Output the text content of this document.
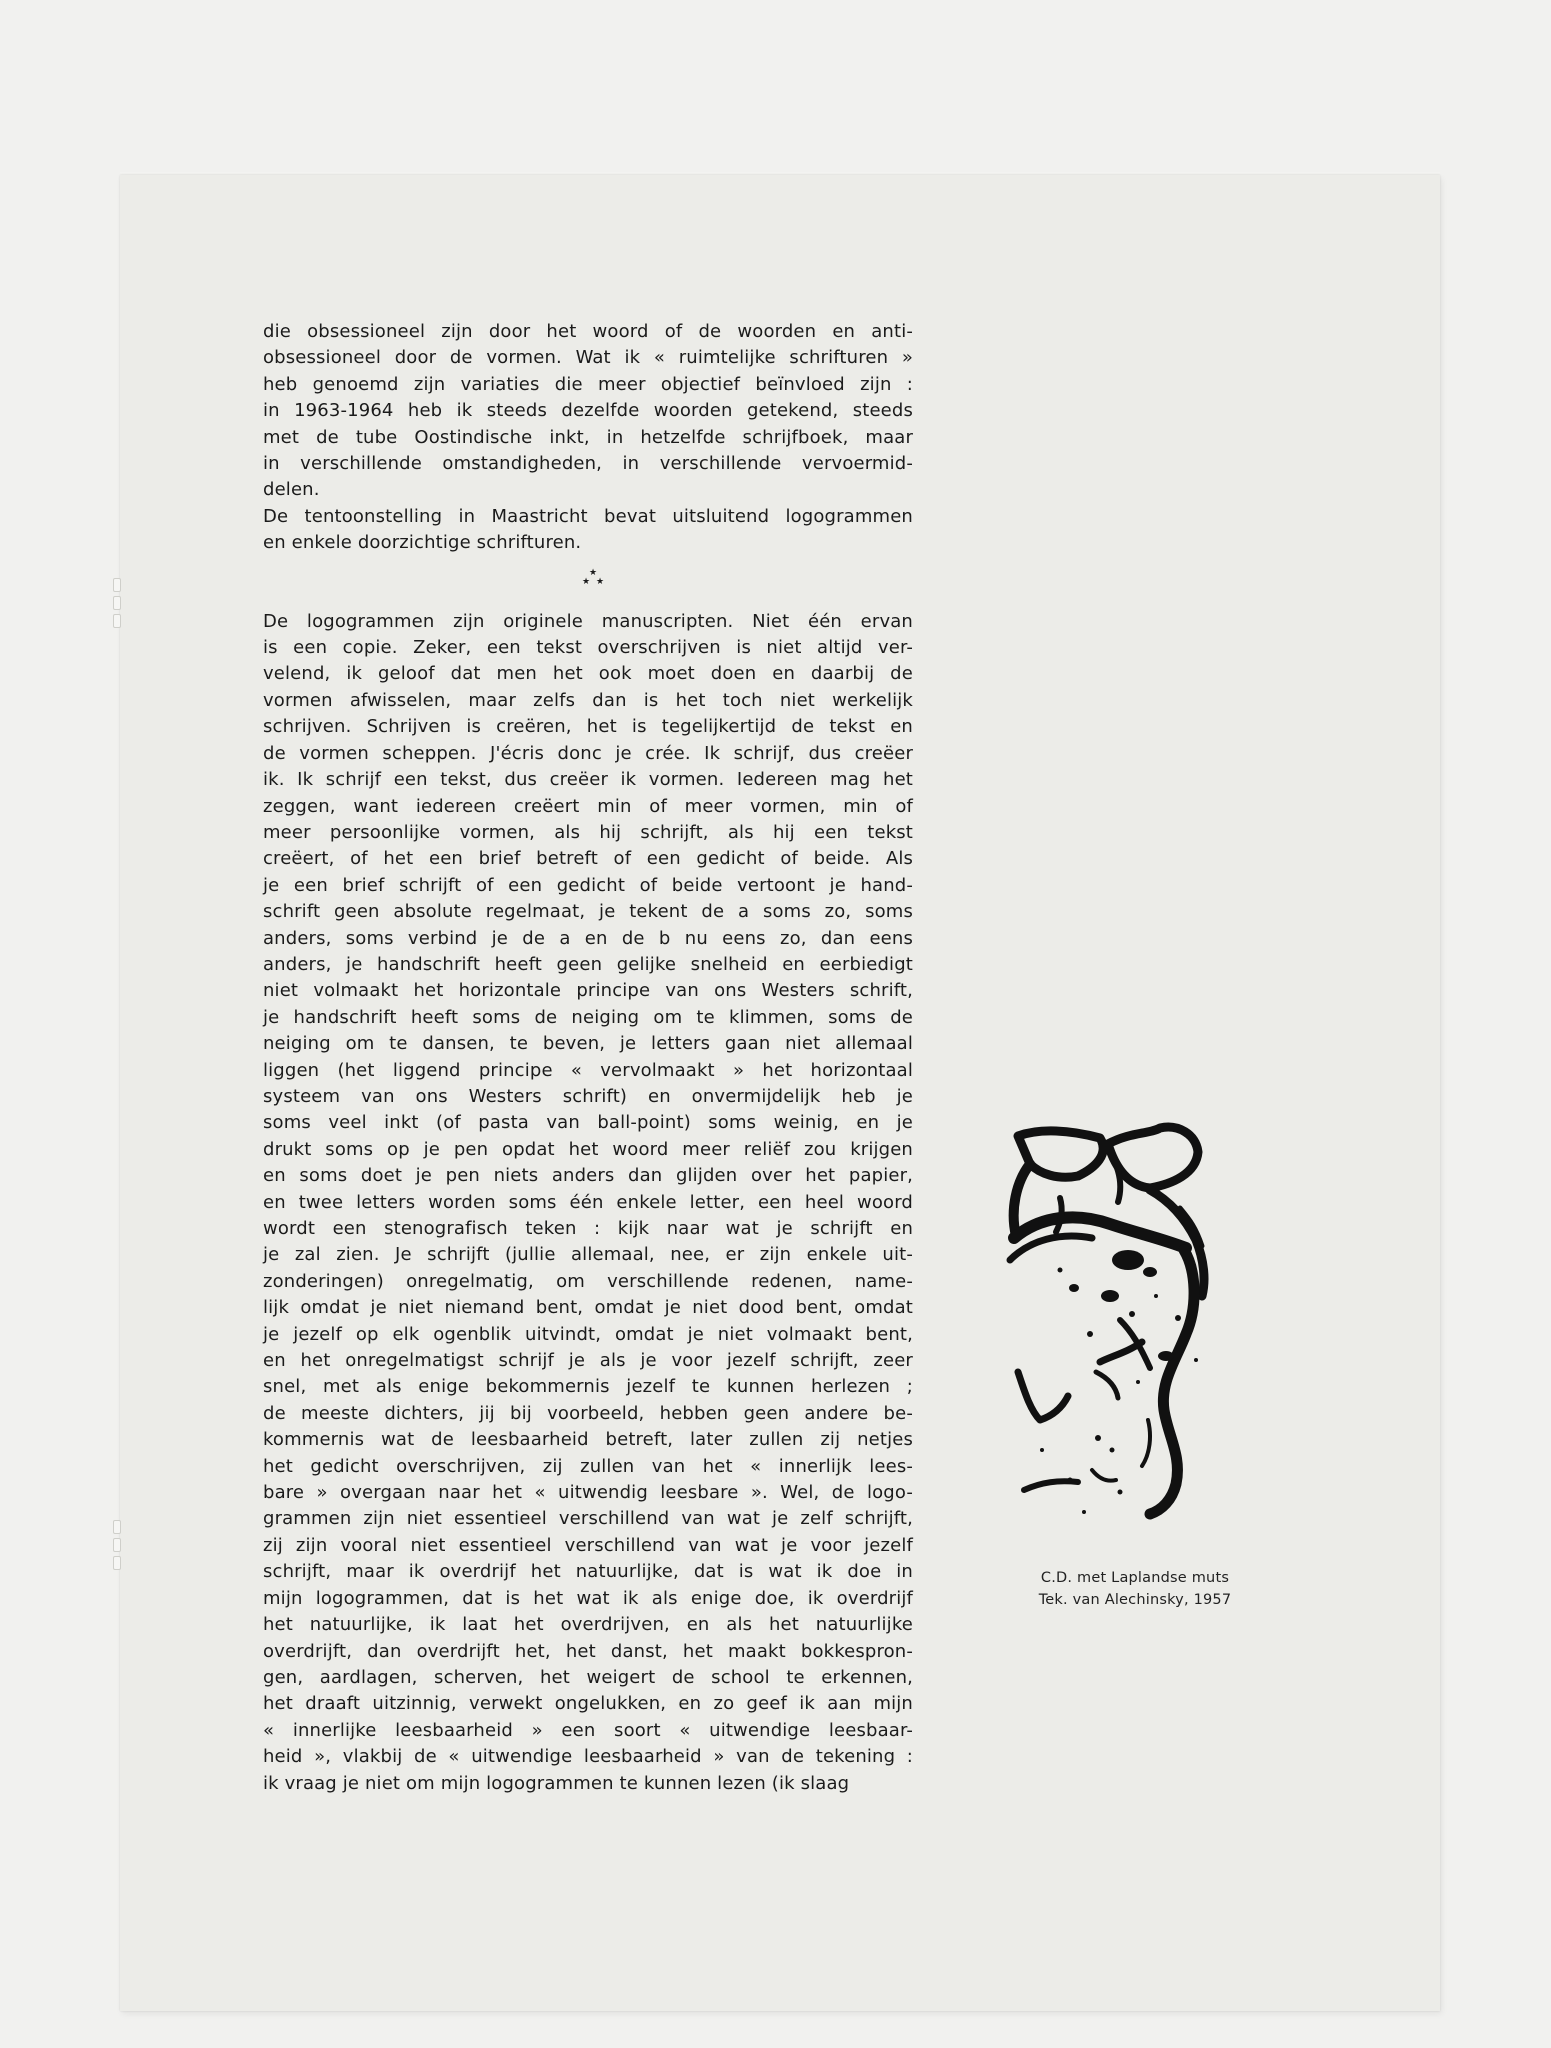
die obsessioneel zijn door het woord of de woorden en anti-
obsessioneel door de vormen. Wat ik « ruimtelijke schrifturen »
heb genoemd zijn variaties die meer objectief beïnvloed zijn :
in 1963-1964 heb ik steeds dezelfde woorden getekend, steeds
met de tube Oostindische inkt, in hetzelfde schrijfboek, maar
in verschillende omstandigheden, in verschillende vervoermid-
delen.
De tentoonstelling in Maastricht bevat uitsluitend logogrammen
en enkele doorzichtige schrifturen.
★
★ ★
De logogrammen zijn originele manuscripten. Niet één ervan
is een copie. Zeker, een tekst overschrijven is niet altijd ver-
velend, ik geloof dat men het ook moet doen en daarbij de
vormen afwisselen, maar zelfs dan is het toch niet werkelijk
schrijven. Schrijven is creëren, het is tegelijkertijd de tekst en
de vormen scheppen. J'écris donc je crée. Ik schrijf, dus creëer
ik. Ik schrijf een tekst, dus creëer ik vormen. Iedereen mag het
zeggen, want iedereen creëert min of meer vormen, min of
meer persoonlijke vormen, als hij schrijft, als hij een tekst
creëert, of het een brief betreft of een gedicht of beide. Als
je een brief schrijft of een gedicht of beide vertoont je hand-
schrift geen absolute regelmaat, je tekent de a soms zo, soms
anders, soms verbind je de a en de b nu eens zo, dan eens
anders, je handschrift heeft geen gelijke snelheid en eerbiedigt
niet volmaakt het horizontale principe van ons Westers schrift,
je handschrift heeft soms de neiging om te klimmen, soms de
neiging om te dansen, te beven, je letters gaan niet allemaal
liggen (het liggend principe « vervolmaakt » het horizontaal
systeem van ons Westers schrift) en onvermijdelijk heb je
soms veel inkt (of pasta van ball-point) soms weinig, en je
drukt soms op je pen opdat het woord meer reliëf zou krijgen
en soms doet je pen niets anders dan glijden over het papier,
en twee letters worden soms één enkele letter, een heel woord
wordt een stenografisch teken : kijk naar wat je schrijft en
je zal zien. Je schrijft (jullie allemaal, nee, er zijn enkele uit-
zonderingen) onregelmatig, om verschillende redenen, name-
lijk omdat je niet niemand bent, omdat je niet dood bent, omdat
je jezelf op elk ogenblik uitvindt, omdat je niet volmaakt bent,
en het onregelmatigst schrijf je als je voor jezelf schrijft, zeer
snel, met als enige bekommernis jezelf te kunnen herlezen ;
de meeste dichters, jij bij voorbeeld, hebben geen andere be-
kommernis wat de leesbaarheid betreft, later zullen zij netjes
het gedicht overschrijven, zij zullen van het « innerlijk lees-
bare » overgaan naar het « uitwendig leesbare ». Wel, de logo-
grammen zijn niet essentieel verschillend van wat je zelf schrijft,
zij zijn vooral niet essentieel verschillend van wat je voor jezelf
schrijft, maar ik overdrijf het natuurlijke, dat is wat ik doe in
mijn logogrammen, dat is het wat ik als enige doe, ik overdrijf
het natuurlijke, ik laat het overdrijven, en als het natuurlijke
overdrijft, dan overdrijft het, het danst, het maakt bokkespron-
gen, aardlagen, scherven, het weigert de school te erkennen,
het draaft uitzinnig, verwekt ongelukken, en zo geef ik aan mijn
« innerlijke leesbaarheid » een soort « uitwendige leesbaar-
heid », vlakbij de « uitwendige leesbaarheid » van de tekening :
ik vraag je niet om mijn logogrammen te kunnen lezen (ik slaag
C.D. met Laplandse muts
Tek. van Alechinsky, 1957
